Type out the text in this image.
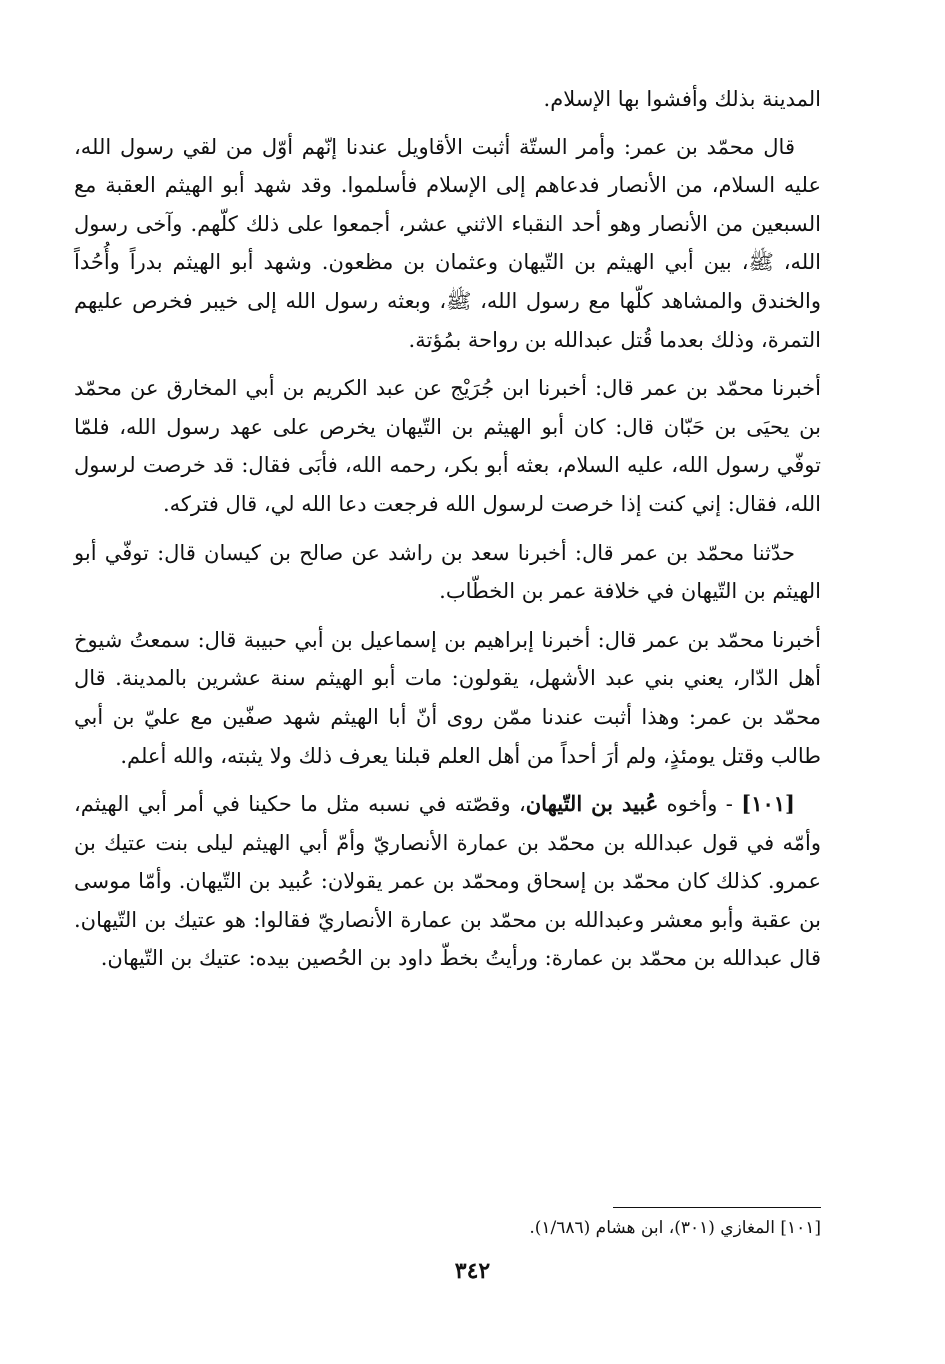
المدينة بذلك وأفشوا بها الإسلام.

قال محمّد بن عمر: وأمر الستّة أثبت الأقاويل عندنا إنّهم أوّل من لقي رسول الله، عليه السلام، من الأنصار فدعاهم إلى الإسلام فأسلموا. وقد شهد أبو الهيثم العقبة مع السبعين من الأنصار وهو أحد النقباء الاثني عشر، أجمعوا على ذلك كلّهم. وآخى رسول الله، ﷺ، بين أبي الهيثم بن التّيهان وعثمان بن مظعون. وشهد أبو الهيثم بدراً وأُحُداً والخندق والمشاهد كلّها مع رسول الله، ﷺ، وبعثه رسول الله إلى خيبر فخرص عليهم التمرة، وذلك بعدما قُتل عبدالله بن رواحة بمُؤتة.

أخبرنا محمّد بن عمر قال: أخبرنا ابن جُرَيْج عن عبد الكريم بن أبي المخارق عن محمّد بن يحيَى بن حَبّان قال: كان أبو الهيثم بن التّيهان يخرص على عهد رسول الله، فلمّا توفّي رسول الله، عليه السلام، بعثه أبو بكر، رحمه الله، فأبَى فقال: قد خرصت لرسول الله، فقال: إني كنت إذا خرصت لرسول الله فرجعت دعا الله لي، قال فتركه.

حدّثنا محمّد بن عمر قال: أخبرنا سعد بن راشد عن صالح بن كيسان قال: توفّي أبو الهيثم بن التّيهان في خلافة عمر بن الخطّاب.

أخبرنا محمّد بن عمر قال: أخبرنا إبراهيم بن إسماعيل بن أبي حبيبة قال: سمعتُ شيوخ أهل الدّار، يعني بني عبد الأشهل، يقولون: مات أبو الهيثم سنة عشرين بالمدينة. قال محمّد بن عمر: وهذا أثبت عندنا ممّن روى أنّ أبا الهيثم شهد صفّين مع عليّ بن أبي طالب وقتل يومئذٍ، ولم أرَ أحداً من أهل العلم قبلنا يعرف ذلك ولا يثبته، والله أعلم.

[١٠١] - وأخوه عُبيد بن التّيهان، وقصّته في نسبه مثل ما حكينا في أمر أبي الهيثم، وأمّه في قول عبدالله بن محمّد بن عمارة الأنصاريّ وأمّ أبي الهيثم ليلى بنت عتيك بن عمرو. كذلك كان محمّد بن إسحاق ومحمّد بن عمر يقولان: عُبيد بن التّيهان. وأمّا موسى بن عقبة وأبو معشر وعبدالله بن محمّد بن عمارة الأنصاريّ فقالوا: هو عتيك بن التّيهان. قال عبدالله بن محمّد بن عمارة: ورأيتُ بخطّ داود بن الحُصين بيده: عتيك بن التّيهان.

[١٠١] المغازي (٣٠١)، ابن هشام (١/٦٨٦).
٣٤٢
